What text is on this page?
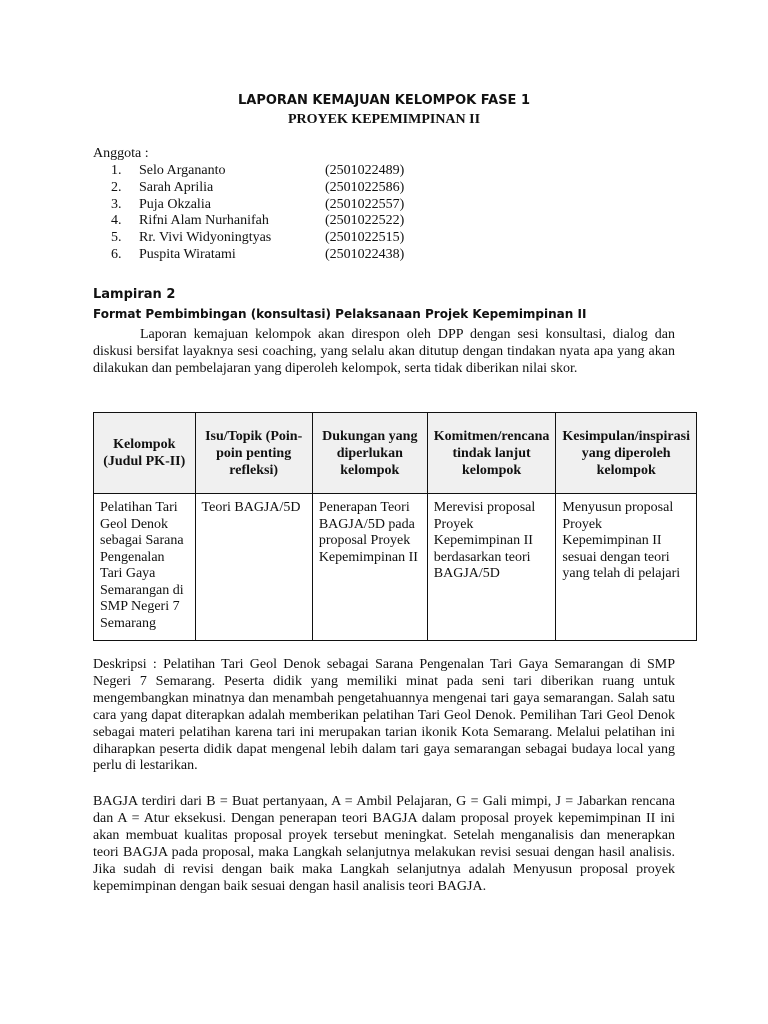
LAPORAN KEMAJUAN KELOMPOK FASE 1
PROYEK KEPEMIMPINAN II
Anggota :
1. Selo Argananto	(2501022489)
2. Sarah Aprilia	(2501022586)
3. Puja Okzalia	(2501022557)
4. Rifni Alam Nurhanifah	(2501022522)
5. Rr. Vivi Widyoningtyas	(2501022515)
6. Puspita Wiratami	(2501022438)
Lampiran 2
Format Pembimbingan (konsultasi) Pelaksanaan Projek Kepemimpinan II
Laporan kemajuan kelompok akan direspon oleh DPP dengan sesi konsultasi, dialog dan diskusi bersifat layaknya sesi coaching, yang selalu akan ditutup dengan tindakan nyata apa yang akan dilakukan dan pembelajaran yang diperoleh kelompok, serta tidak diberikan nilai skor.
Kelompok (Judul PK-II)	Isu/Topik (Poin-poin penting refleksi)	Dukungan yang diperlukan kelompok	Komitmen/rencana tindak lanjut kelompok	Kesimpulan/inspirasi yang diperoleh kelompok
Pelatihan Tari Geol Denok sebagai Sarana Pengenalan Tari Gaya Semarangan di SMP Negeri 7 Semarang	Teori BAGJA/5D	Penerapan Teori BAGJA/5D pada proposal Proyek Kepemimpinan II	Merevisi proposal Proyek Kepemimpinan II berdasarkan teori BAGJA/5D	Menyusun proposal Proyek Kepemimpinan II sesuai dengan teori yang telah di pelajari
Deskripsi : Pelatihan Tari Geol Denok sebagai Sarana Pengenalan Tari Gaya Semarangan di SMP Negeri 7 Semarang. Peserta didik yang memiliki minat pada seni tari diberikan ruang untuk mengembangkan minatnya dan menambah pengetahuannya mengenai tari gaya semarangan. Salah satu cara yang dapat diterapkan adalah memberikan pelatihan Tari Geol Denok. Pemilihan Tari Geol Denok sebagai materi pelatihan karena tari ini merupakan tarian ikonik Kota Semarang. Melalui pelatihan ini diharapkan peserta didik dapat mengenal lebih dalam tari gaya semarangan sebagai budaya local yang perlu di lestarikan.
BAGJA terdiri dari B = Buat pertanyaan, A = Ambil Pelajaran, G = Gali mimpi, J = Jabarkan rencana dan A = Atur eksekusi. Dengan penerapan teori BAGJA dalam proposal proyek kepemimpinan II ini akan membuat kualitas proposal proyek tersebut meningkat. Setelah menganalisis dan menerapkan teori BAGJA pada proposal, maka Langkah selanjutnya melakukan revisi sesuai dengan hasil analisis. Jika sudah di revisi dengan baik maka Langkah selanjutnya adalah Menyusun proposal proyek kepemimpinan dengan baik sesuai dengan hasil analisis teori BAGJA.
